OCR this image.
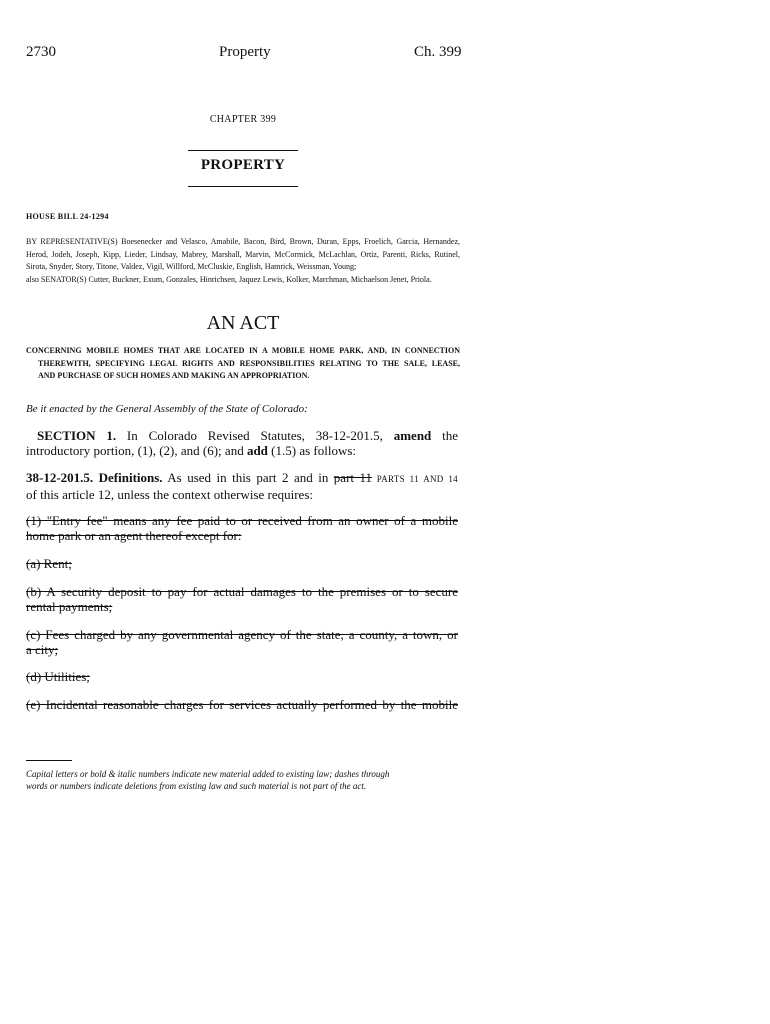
2730	Property	Ch. 399
CHAPTER 399
PROPERTY
HOUSE BILL 24-1294
BY REPRESENTATIVE(S) Boesenecker and Velasco, Amabile, Bacon, Bird, Brown, Duran, Epps, Froelich, Garcia, Hernandez,
Herod, Jodeh, Joseph, Kipp, Lieder, Lindsay, Mabrey, Marshall, Marvin, McCormick, McLachlan, Ortiz, Parenti, Ricks, Rutinel,
Sirota, Snyder, Story, Titone, Valdez, Vigil, Willford, McCluskie, English, Hamrick, Weissman, Young;
also SENATOR(S) Cutter, Buckner, Exum, Gonzales, Hinrichsen, Jaquez Lewis, Kolker, Marchman, Michaelson Jenet, Priola.
AN ACT
CONCERNING MOBILE HOMES THAT ARE LOCATED IN A MOBILE HOME PARK, AND, IN CONNECTION
THEREWITH, SPECIFYING LEGAL RIGHTS AND RESPONSIBILITIES RELATING TO THE SALE, LEASE,
AND PURCHASE OF SUCH HOMES AND MAKING AN APPROPRIATION.
Be it enacted by the General Assembly of the State of Colorado:
SECTION 1. In Colorado Revised Statutes, 38-12-201.5, amend the
introductory portion, (1), (2), and (6); and add (1.5) as follows:
38-12-201.5. Definitions. As used in this part 2 and in part 11 PARTS 11 AND 14
of this article 12, unless the context otherwise requires:
(1) "Entry fee" means any fee paid to or received from an owner of a mobile
home park or an agent thereof except for:
(a) Rent;
(b) A security deposit to pay for actual damages to the premises or to secure
rental payments;
(c) Fees charged by any governmental agency of the state, a county, a town, or
a city;
(d) Utilities;
(e) Incidental reasonable charges for services actually performed by the mobile
Capital letters or bold & italic numbers indicate new material added to existing law; dashes through
words or numbers indicate deletions from existing law and such material is not part of the act.
